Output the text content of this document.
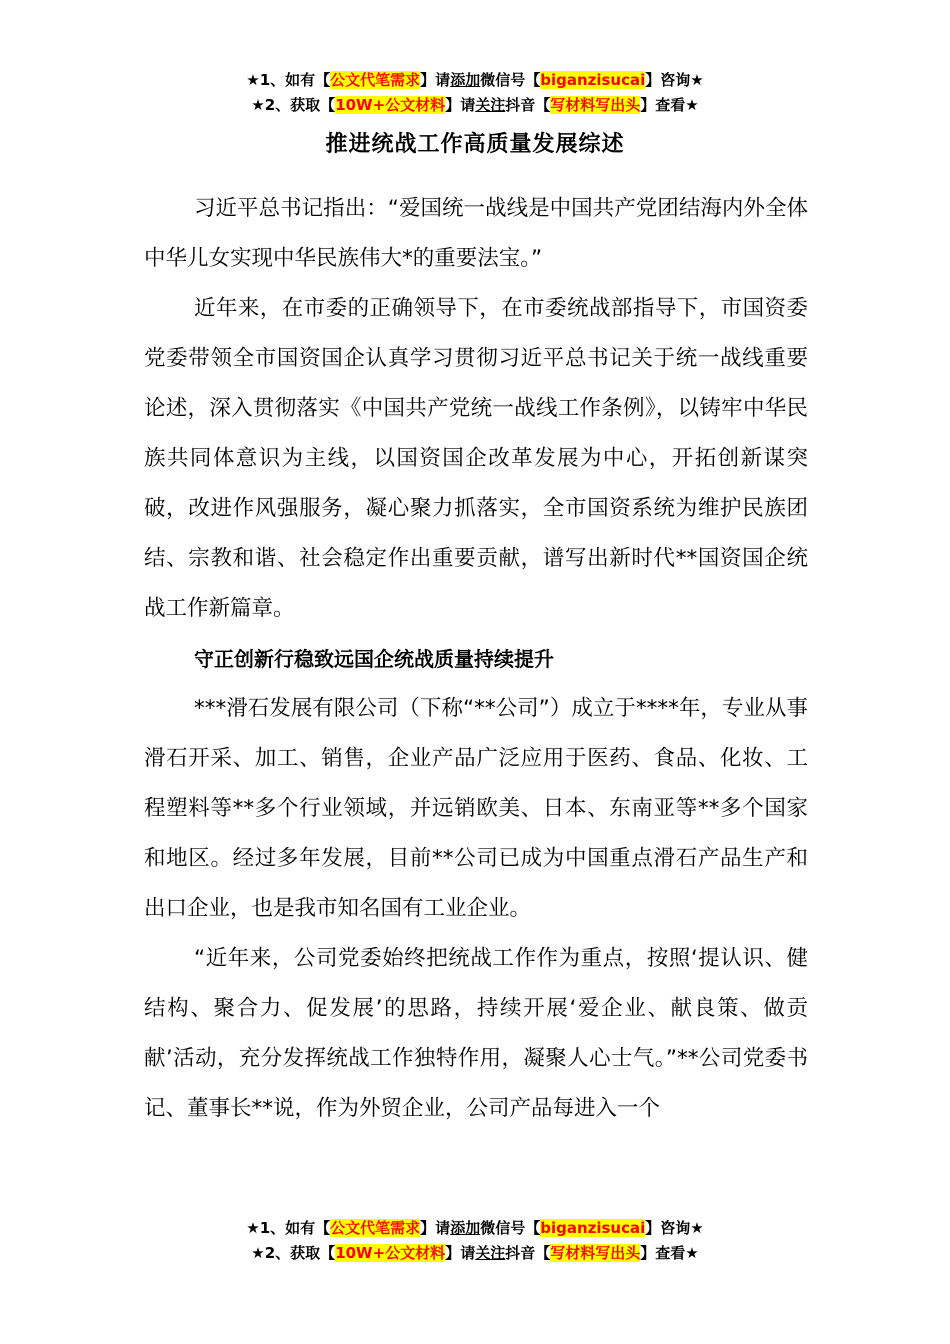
★1、如有【公文代笔需求】请添加微信号【biganzisucai】咨询★
★2、获取【10W+公文材料】请关注抖音【写材料写出头】查看★
推进统战工作高质量发展综述

习近平总书记指出：“爱国统一战线是中国共产党团结海内外全体中华儿女实现中华民族伟大*的重要法宝。”

近年来，在市委的正确领导下，在市委统战部指导下，市国资委党委带领全市国资国企认真学习贯彻习近平总书记关于统一战线重要论述，深入贯彻落实《中国共产党统一战线工作条例》，以铸牢中华民族共同体意识为主线，以国资国企改革发展为中心，开拓创新谋突破，改进作风强服务，凝心聚力抓落实，全市国资系统为维护民族团结、宗教和谐、社会稳定作出重要贡献，谱写出新时代**国资国企统战工作新篇章。

守正创新行稳致远国企统战质量持续提升

***滑石发展有限公司（下称“**公司”）成立于****年，专业从事滑石开采、加工、销售，企业产品广泛应用于医药、食品、化妆、工程塑料等**多个行业领域，并远销欧美、日本、东南亚等**多个国家和地区。经过多年发展，目前**公司已成为中国重点滑石产品生产和出口企业，也是我市知名国有工业企业。

“近年来，公司党委始终把统战工作作为重点，按照‘提认识、健结构、聚合力、促发展’的思路，持续开展‘爱企业、献良策、做贡献’活动，充分发挥统战工作独特作用，凝聚人心士气。”**公司党委书记、董事长**说，作为外贸企业，公司产品每进入一个

★1、如有【公文代笔需求】请添加微信号【biganzisucai】咨询★
★2、获取【10W+公文材料】请关注抖音【写材料写出头】查看★
